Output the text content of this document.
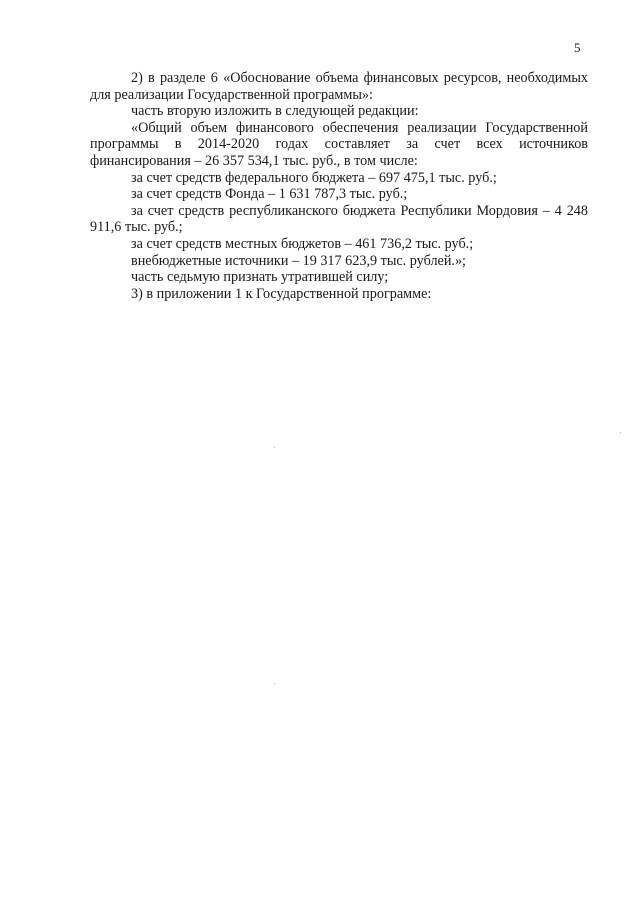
5

2) в разделе 6 «Обоснование объема финансовых ресурсов, необходимых для реализации Государственной программы»:

часть вторую изложить в следующей редакции:

«Общий объем финансового обеспечения реализации Государственной программы в 2014-2020 годах составляет за счет всех источников финансирования – 26 357 534,1 тыс. руб., в том числе:

за счет средств федерального бюджета – 697 475,1 тыс. руб.;

за счет средств Фонда – 1 631 787,3 тыс. руб.;

за счет средств республиканского бюджета Республики Мордовия – 4 248 911,6 тыс. руб.;

за счет средств местных бюджетов – 461 736,2 тыс. руб.;

внебюджетные источники – 19 317 623,9 тыс. рублей.»;

часть седьмую признать утратившей силу;

3) в приложении 1 к Государственной программе:
